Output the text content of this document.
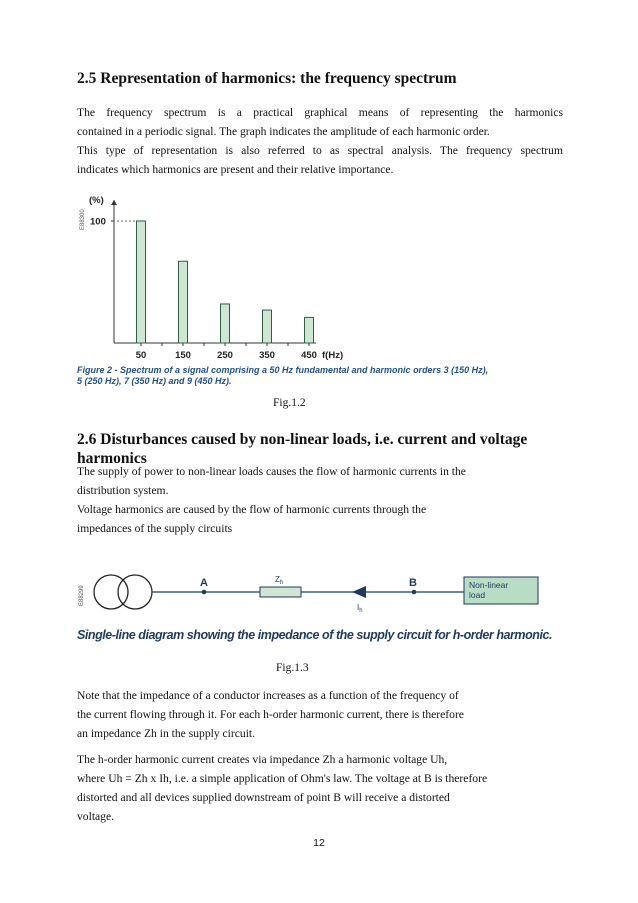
2.5 Representation of harmonics: the frequency spectrum
The frequency spectrum is a practical graphical means of representing the harmonics
contained in a periodic signal. The graph indicates the amplitude of each harmonic order.
This type of representation is also referred to as spectral analysis. The frequency spectrum
indicates which harmonics are present and their relative importance.
E88300
(%)
100
50	150	250	350	450 f(Hz)
Figure 2 - Spectrum of a signal comprising a 50 Hz fundamental and harmonic orders 3 (150 Hz),
5 (250 Hz), 7 (350 Hz) and 9 (450 Hz).
Fig.1.2
2.6 Disturbances caused by non-linear loads, i.e. current and voltage
harmonics
The supply of power to non-linear loads causes the flow of harmonic currents in the
distribution system.
Voltage harmonics are caused by the flow of harmonic currents through the
impedances of the supply circuits
E88299
A	$Z_h$
$I_h$
B	Non-linear
load
Single-line diagram showing the impedance of the supply circuit for h-order harmonic.
Fig.1.3
Note that the impedance of a conductor increases as a function of the frequency of
the current flowing through it. For each h-order harmonic current, there is therefore
an impedance Zh in the supply circuit.
The h-order harmonic current creates via impedance Zh a harmonic voltage Uh,
where Uh = Zh x Ih, i.e. a simple application of Ohm's law. The voltage at B is therefore
distorted and all devices supplied downstream of point B will receive a distorted
voltage.
12
